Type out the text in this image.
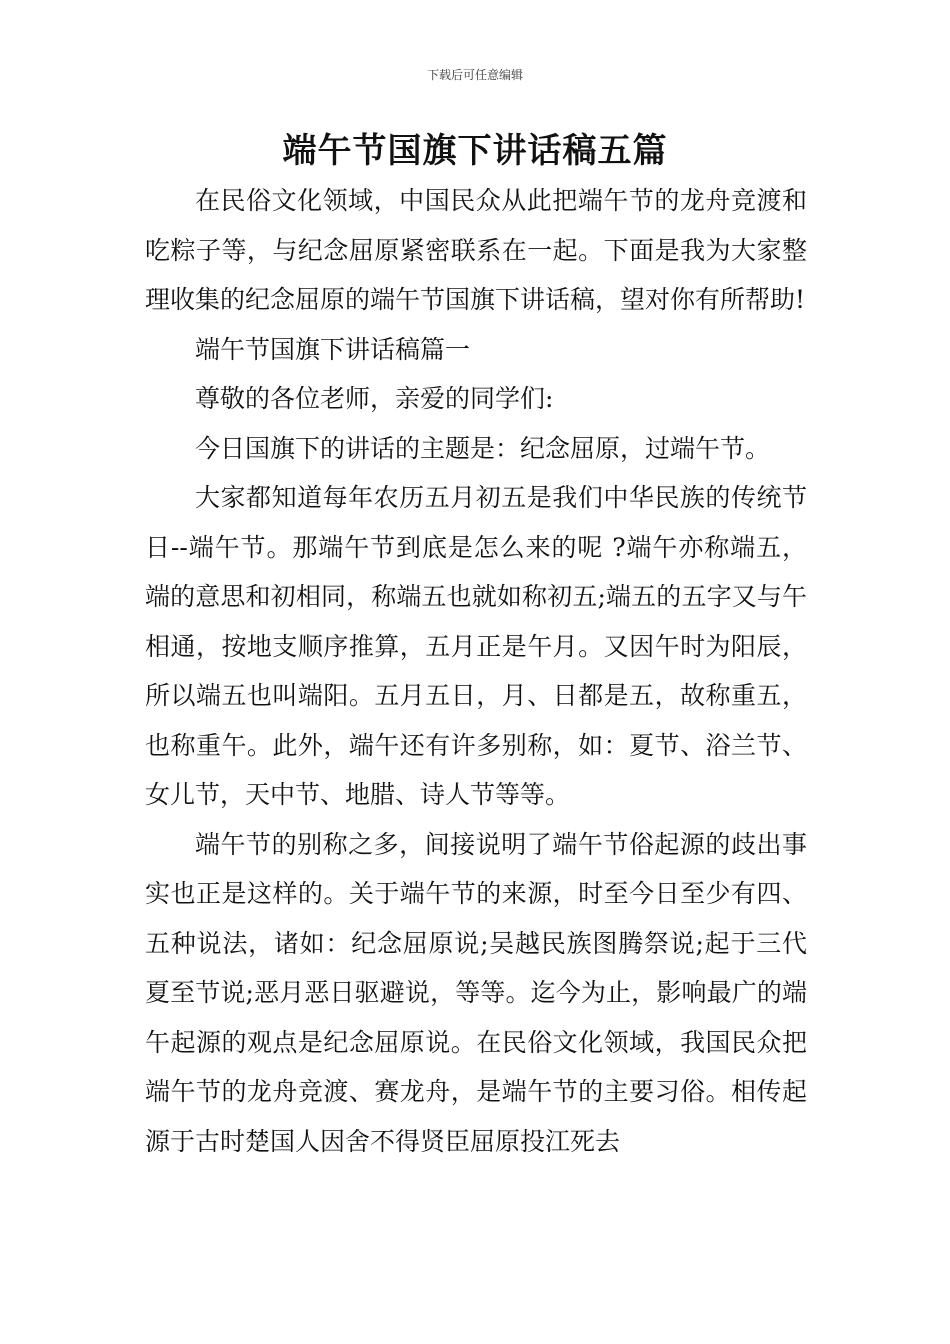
下载后可任意编辑
端午节国旗下讲话稿五篇

在民俗文化领域，中国民众从此把端午节的龙舟竞渡和吃粽子等，与纪念屈原紧密联系在一起。下面是我为大家整理收集的纪念屈原的端午节国旗下讲话稿，望对你有所帮助!

端午节国旗下讲话稿篇一

尊敬的各位老师，亲爱的同学们:

今日国旗下的讲话的主题是：纪念屈原，过端午节。

大家都知道每年农历五月初五是我们中华民族的传统节日--端午节。那端午节到底是怎么来的呢 ?端午亦称端五，端的意思和初相同，称端五也就如称初五;端五的五字又与午相通，按地支顺序推算，五月正是午月。又因午时为阳辰，所以端五也叫端阳。五月五日，月、日都是五，故称重五，也称重午。此外，端午还有许多别称，如：夏节、浴兰节、女儿节，天中节、地腊、诗人节等等。

端午节的别称之多，间接说明了端午节俗起源的歧出事实也正是这样的。关于端午节的来源，时至今日至少有四、五种说法，诸如：纪念屈原说;吴越民族图腾祭说;起于三代夏至节说;恶月恶日驱避说，等等。迄今为止，影响最广的端午起源的观点是纪念屈原说。在民俗文化领域，我国民众把端午节的龙舟竞渡、赛龙舟，是端午节的主要习俗。相传起源于古时楚国人因舍不得贤臣屈原投江死去
